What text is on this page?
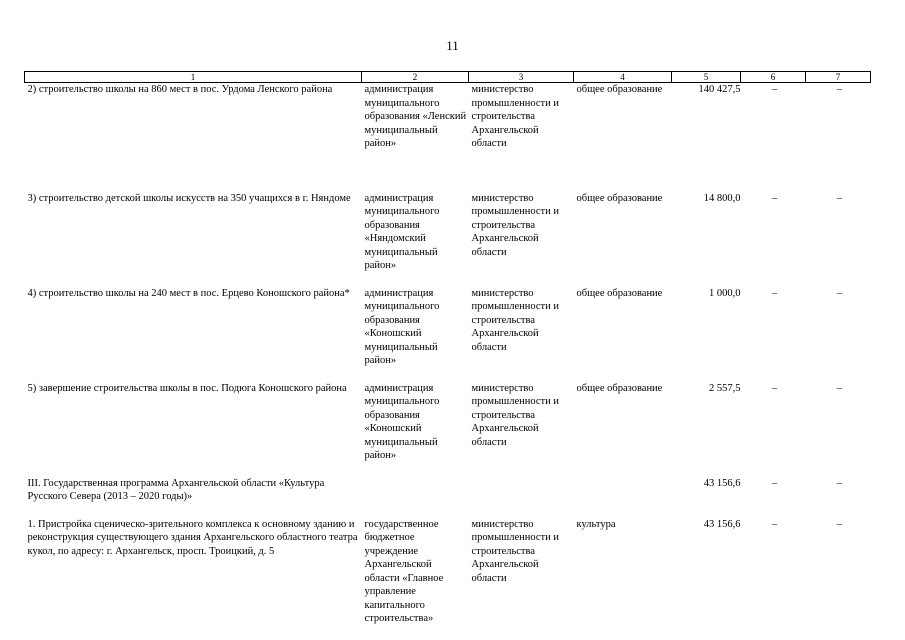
11
1	2	3	4	5	6	7
2) строительство школы на 860 мест в пос. Урдома Ленского района	администрация муниципального образования «Ленский муниципальный район»	министерство промышленности и строительства Архангельской области	общее образование	140 427,5	–	–
3) строительство детской школы искусств на 350 учащихся в г. Няндоме	администрация муниципального образования «Няндомский муниципальный район»	министерство промышленности и строительства Архангельской области	общее образование	14 800,0	–	–
4) строительство школы на 240 мест в пос. Ерцево Коношского района*	администрация муниципального образования «Коношский муниципальный район»	министерство промышленности и строительства Архангельской области	общее образование	1 000,0	–	–
5) завершение строительства школы в пос. Подюга Коношского района	администрация муниципального образования «Коношский муниципальный район»	министерство промышленности и строительства Архангельской области	общее образование	2 557,5	–	–
III. Государственная программа Архангельской области «Культура Русского Севера (2013 – 2020 годы)»				43 156,6	–	–
1. Пристройка сценическо-зрительного комплекса к основному зданию и реконструкция существующего здания Архангельского областного театра кукол, по адресу: г. Архангельск, просп. Троицкий, д. 5	государственное бюджетное учреждение Архангельской области «Главное управление капитального строительства»	министерство промышленности и строительства Архангельской области	культура	43 156,6	–	–
